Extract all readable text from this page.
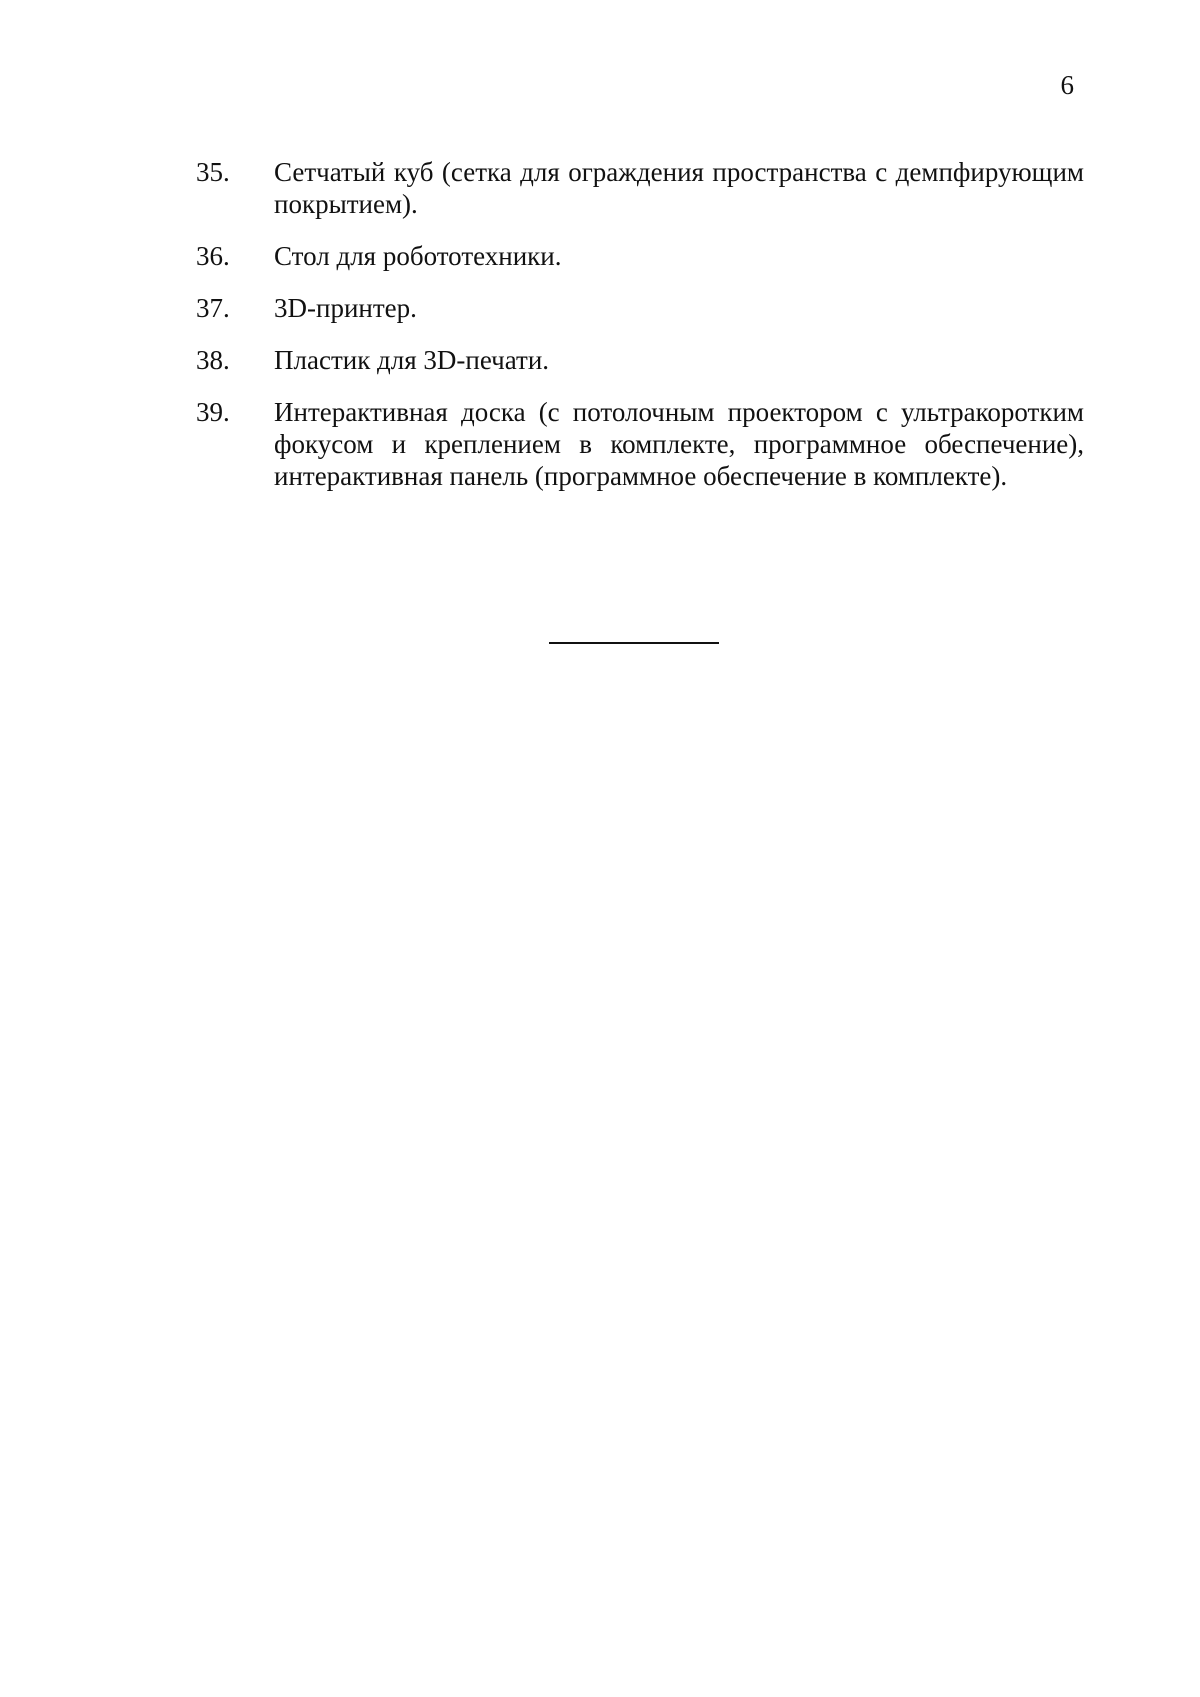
6
35.	Сетчатый куб (сетка для ограждения пространства с демпфирующим покрытием).
36.	Стол для робототехники.
37.	3D-принтер.
38.	Пластик для 3D-печати.
39.	Интерактивная доска (с потолочным проектором с ультракоротким фокусом и креплением в комплекте, программное обеспечение), интерактивная панель (программное обеспечение в комплекте).
